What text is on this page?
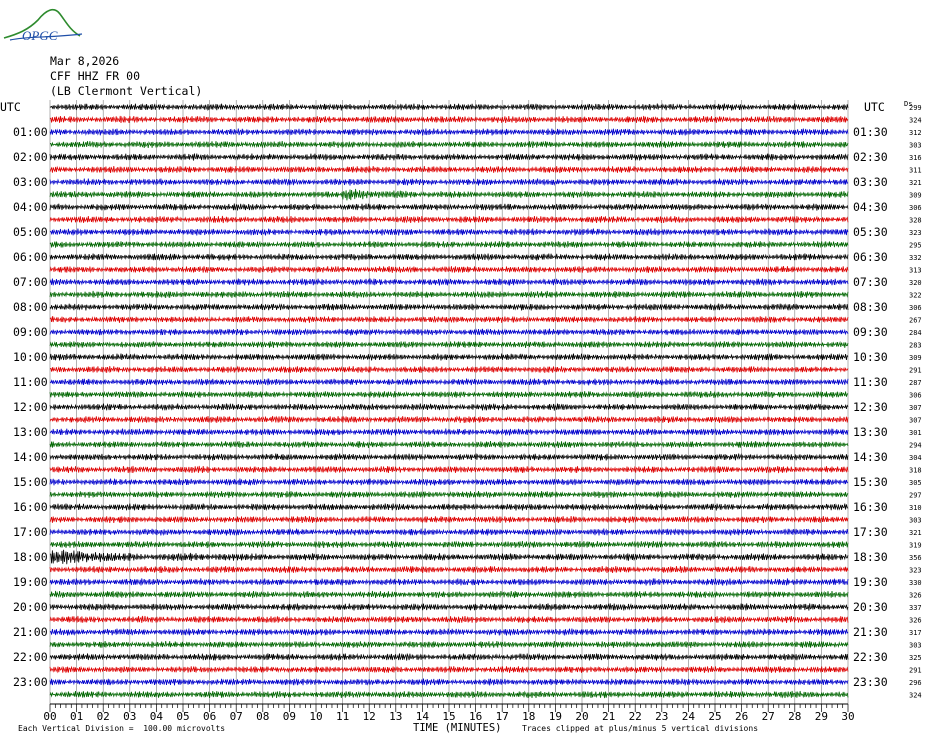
OPGC
00 01 02 03 04 05 06 07 08 09 10 11 12 13 14 15 16 17 18 19 20 21 22 23 24 25 26 27 28 29 30
UTC	UTC	Ds
01:00
02:00
03:00
04:00
05:00
06:00
07:00
08:00
09:00
10:00
11:00
12:00
13:00
14:00
15:00
16:00
17:00
18:00
19:00
20:00
21:00
22:00
23:00
01:30
02:30
03:30
04:30
05:30
06:30
07:30
08:30
09:30
10:30
11:30
12:30
13:30
14:30
15:30
16:30
17:30
18:30
19:30
20:30
21:30
22:30
23:30
299
324
312
303
316
311
321
309
306
328
323
295
332
313
320
322
306
267
284
283
309
291
287
306
307
307
301
294
304
318
305
297
310
303
321
319
356
323
330
326
337
326
317
303
325
291
296
324
Mar 8,2026
CFF HHZ FR 00
(LB Clermont Vertical)
Each Vertical Division =  100.00 microvolts	TIME (MINUTES)	Traces clipped at plus/minus 5 vertical divisions
